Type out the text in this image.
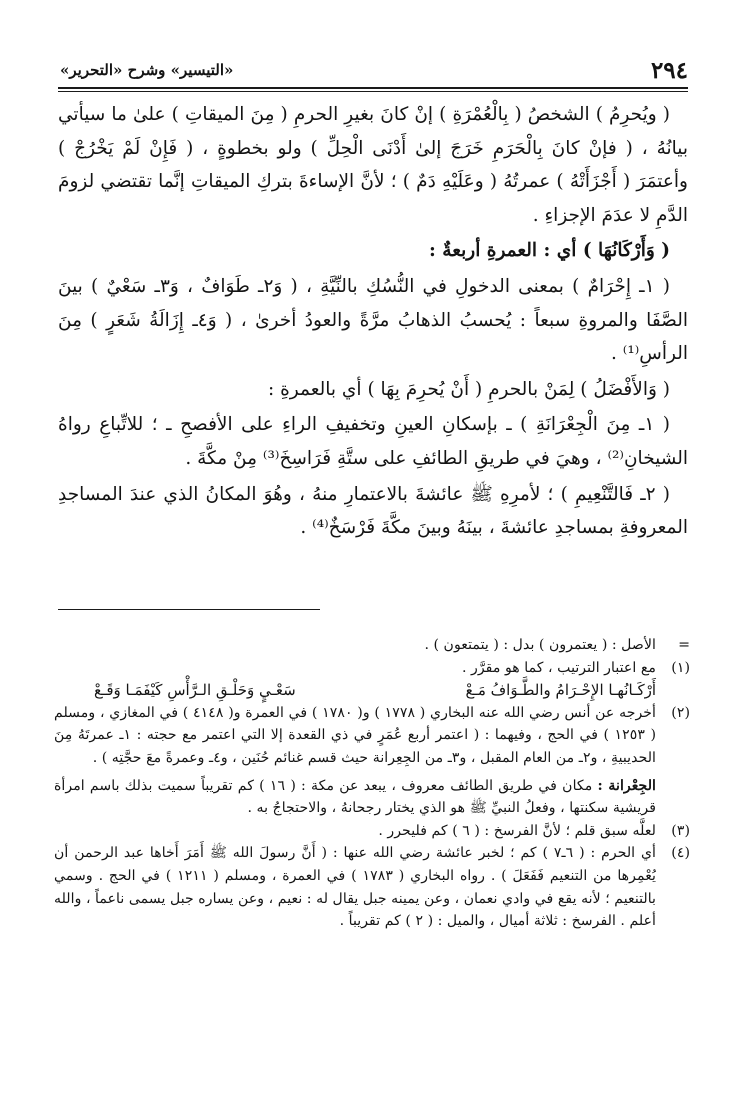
٢٩٤
«التيسير» وشرح «التحرير»

( ويُحرِمُ ) الشخصُ ( بِالْعُمْرَةِ ) إنْ كانَ بغيرِ الحرمِ ( مِنَ الميقاتِ ) علىٰ ما سيأتي بيانُهُ ، ( فإنْ كانَ بِالْحَرَمِ خَرَجَ إلىٰ أَدْنَى الْحِلِّ ) ولو بخطوةٍ ، ( فَإِنْ لَمْ يَخْرُجْ ) وأعتمَرَ ( أَجْزَأَتْهُ ) عمرتُهُ ( وعَلَيْهِ دَمٌ ) ؛ لأنَّ الإساءةَ بتركِ الميقاتِ إنَّما تقتضي لزومَ الدَّمِ لا عدَمَ الإجزاءِ .

( وَأَرْكَانُهَا ) أي : العمرةِ أربعةٌ :

( ١ـ إِحْرَامٌ ) بمعنى الدخولِ في النُّسُكِ بالنِّيَّةِ ، ( وَ٢ـ طَوَافٌ ، وَ٣ـ سَعْيٌ ) بينَ الصَّفَا والمروةِ سبعاً : يُحسبُ الذهابُ مرَّةً والعودُ أخرىٰ ، ( وَ٤ـ إِزَالَةُ شَعَرٍ ) مِنَ الرأسِ⁽¹⁾ .

( وَالأَفْضَلُ ) لِمَنْ بالحرمِ ( أَنْ يُحرِمَ بِهَا ) أي بالعمرةِ :

( ١ـ مِنَ الْجِعْرَانَةِ ) ـ بإسكانِ العينِ وتخفيفِ الراءِ على الأفصحِ ـ ؛ للاتِّباعِ رواهُ الشيخانِ⁽²⁾ ، وهيَ في طريقِ الطائفِ على ستَّةِ فَرَاسِخَ⁽³⁾ مِنْ مكَّةَ .

( ٢ـ فَالتَّنْعِيمِ ) ؛ لأمرِهِ ﷺ عائشةَ بالاعتمارِ منهُ ، وهُوَ المكانُ الذي عندَ المساجدِ المعروفةِ بمساجدِ عائشةَ ، بينَهُ وبينَ مكَّةَ فَرْسَخٌ⁽⁴⁾ .

=
الأصل : ( يعتمرون ) بدل : ( يتمتعون ) .
(١)
مع اعتبار الترتيب ، كما هو مقرَّر .
أَرْكَـانُهـا الإِحْـرَامُ والطَّـوَافُ مَـعْ
سَعْـيٍ وَحَلْـقِ الـرَّأْسِ كَيْفَمَـا وَقَـعْ
(٢)
أخرجه عن أنس رضي الله عنه البخاري ( ١٧٧٨ ) و( ١٧٨٠ ) في العمرة و( ٤١٤٨ ) في المغازي ، ومسلم ( ١٢٥٣ ) في الحج ، وفيهما : ( اعتمر أربع عُمَرٍ في ذي القعدة إلا التي اعتمر مع حجته : ١ـ عمرتَهُ مِنَ الحديبيةِ ، و٢ـ من العام المقبل ، و٣ـ من الجِعِرانة حيث قسم غنائم حُنَين ، و٤ـ وعمرةً معَ حجَّتِه ) .
الجِعْرانة : مكان في طريق الطائف معروف ، يبعد عن مكة : ( ١٦ ) كم تقريباً سميت بذلك باسم امرأة قريشية سكنتها ، وفعلُ النبيِّ ﷺ هو الذي يختار رجحانهُ ، والاحتجاجُ به .
(٣)
لعلَّه سبق قلم ؛ لأنَّ الفرسخ : ( ٦ ) كم فليحرر .
(٤)
أي الحرم : ( ٦ـ٧ ) كم ؛ لخبر عائشة رضي الله عنها : ( أَنَّ رسولَ الله ﷺ أَمَرَ أَخاها عبد الرحمن أن يُعْمِرها من التنعيم فَفَعَلَ ) . رواه البخاري ( ١٧٨٣ ) في العمرة ، ومسلم ( ١٢١١ ) في الحج . وسمي بالتنعيم ؛ لأنه يقع في وادي نعمان ، وعن يمينه جبل يقال له : نعيم ، وعن يساره جبل يسمى ناعماً ، والله أعلم . الفرسخ : ثلاثة أميال ، والميل : ( ٢ ) كم تقريباً .
